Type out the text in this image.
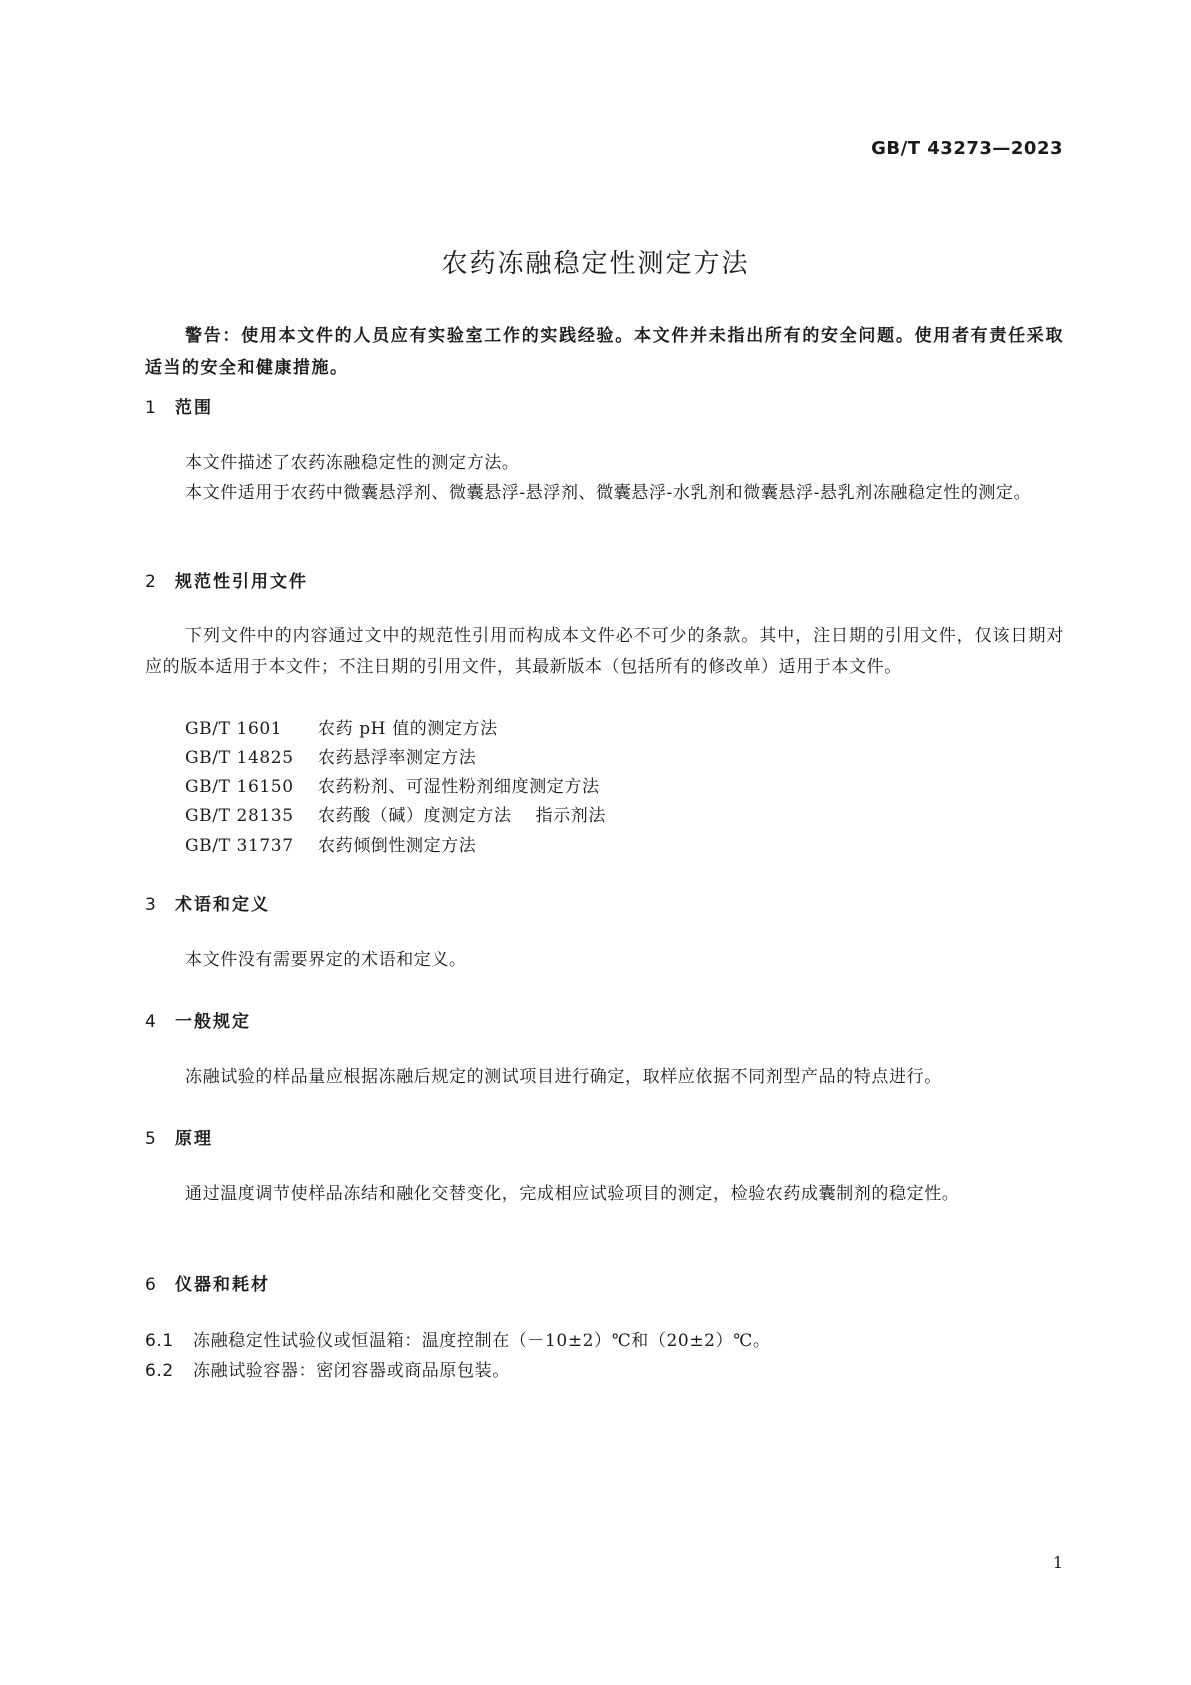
GB/T 43273—2023
农药冻融稳定性测定方法
警告：使用本文件的人员应有实验室工作的实践经验。本文件并未指出所有的安全问题。使用者有责任采取适当的安全和健康措施。
1 范围

本文件描述了农药冻融稳定性的测定方法。

本文件适用于农药中微囊悬浮剂、微囊悬浮-悬浮剂、微囊悬浮-水乳剂和微囊悬浮-悬乳剂冻融稳定性的测定。

2 规范性引用文件

下列文件中的内容通过文中的规范性引用而构成本文件必不可少的条款。其中，注日期的引用文件，仅该日期对应的版本适用于本文件；不注日期的引用文件，其最新版本（包括所有的修改单）适用于本文件。

GB/T 1601 农药 pH 值的测定方法
GB/T 14825 农药悬浮率测定方法
GB/T 16150 农药粉剂、可湿性粉剂细度测定方法
GB/T 28135 农药酸（碱）度测定方法 指示剂法
GB/T 31737 农药倾倒性测定方法
3 术语和定义

本文件没有需要界定的术语和定义。

4 一般规定

冻融试验的样品量应根据冻融后规定的测试项目进行确定，取样应依据不同剂型产品的特点进行。

5 原理

通过温度调节使样品冻结和融化交替变化，完成相应试验项目的测定，检验农药成囊制剂的稳定性。

6 仪器和耗材
6.1 冻融稳定性试验仪或恒温箱：温度控制在（－10±2）℃和（20±2）℃。
6.2 冻融试验容器：密闭容器或商品原包装。
1
